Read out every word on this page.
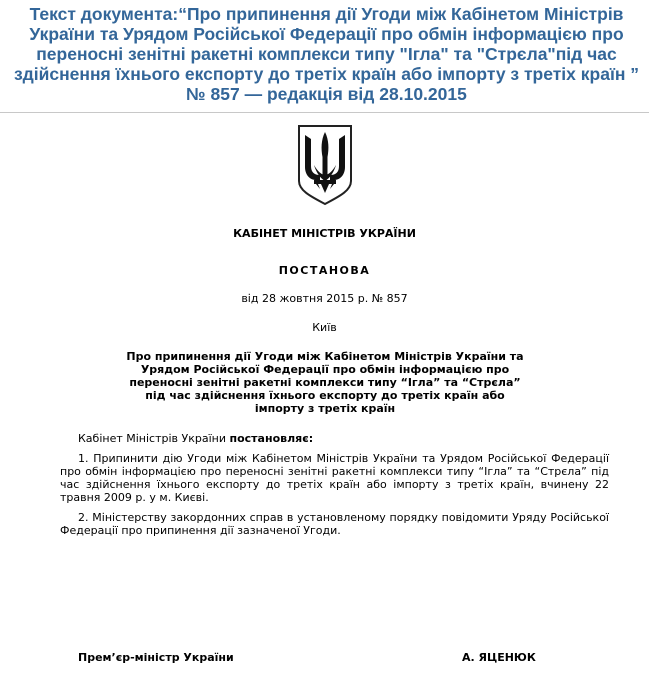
Текст документа:“Про припинення дії Угоди між Кабінетом Міністрів України та Урядом Російської Федерації про обмін інформацією про переносні зенітні ракетні комплекси типу "Ігла" та "Стрєла"під час здійснення їхнього експорту до третіх країн або імпорту з третіх країн ” № 857 — редакція від 28.10.2015

КАБІНЕТ МІНІСТРІВ УКРАЇНИ

ПОСТАНОВА

від 28 жовтня 2015 р. № 857

Київ

Про припинення дії Угоди між Кабінетом Міністрів України та Урядом Російської Федерації про обмін інформацією про переносні зенітні ракетні комплекси типу “Ігла” та “Стрєла” під час здійснення їхнього експорту до третіх країн або імпорту з третіх країн

Кабінет Міністрів України постановляє:

1. Припинити дію Угоди між Кабінетом Міністрів України та Урядом Російської Федерації про обмін інформацією про переносні зенітні ракетні комплекси типу “Ігла” та “Стрєла” під час здійснення їхнього експорту до третіх країн або імпорту з третіх країн, вчинену 22 травня 2009 р. у м. Києві.

2. Міністерству закордонних справ в установленому порядку повідомити Уряду Російської Федерації про припинення дії зазначеної Угоди.

Прем’єр-міністр України	А. ЯЦЕНЮК
